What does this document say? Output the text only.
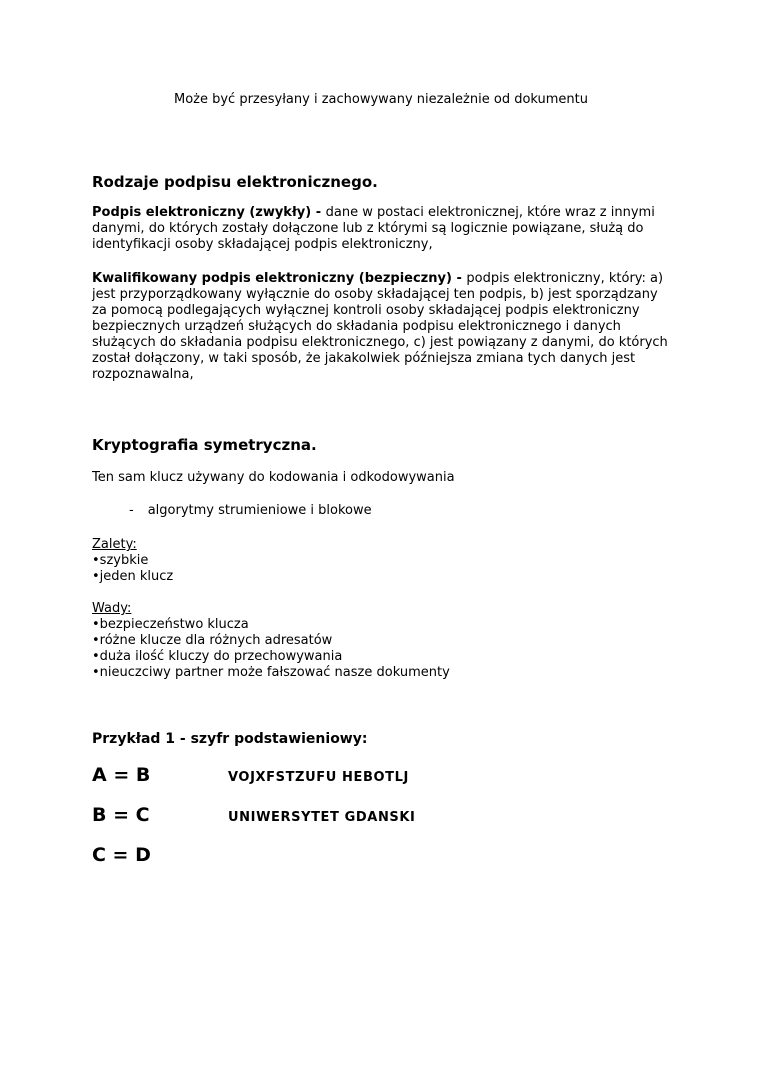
Może być przesyłany i zachowywany niezależnie od dokumentu

Rodzaje podpisu elektronicznego.

Podpis elektroniczny (zwykły) - dane w postaci elektronicznej, które wraz z innymi danymi, do których zostały dołączone lub z którymi są logicznie powiązane, służą do identyfikacji osoby składającej podpis elektroniczny,

Kwalifikowany podpis elektroniczny (bezpieczny) - podpis elektroniczny, który: a) jest przyporządkowany wyłącznie do osoby składającej ten podpis, b) jest sporządzany za pomocą podlegających wyłącznej kontroli osoby składającej podpis elektroniczny bezpiecznych urządzeń służących do składania podpisu elektronicznego i danych służących do składania podpisu elektronicznego, c) jest powiązany z danymi, do których został dołączony, w taki sposób, że jakakolwiek późniejsza zmiana tych danych jest rozpoznawalna,

Kryptografia symetryczna.

Ten sam klucz używany do kodowania i odkodowywania

- algorytmy strumieniowe i blokowe

Zalety:

•szybkie

•jeden klucz

Wady:

•bezpieczeństwo klucza

•różne klucze dla różnych adresatów

•duża ilość kluczy do przechowywania

•nieuczciwy partner może fałszować nasze dokumenty

Przykład 1 - szyfr podstawieniowy:
A = B	VOJXFSTZUFU HEBOTLJ
B = C	UNIWERSYTET GDANSKI
C = D
